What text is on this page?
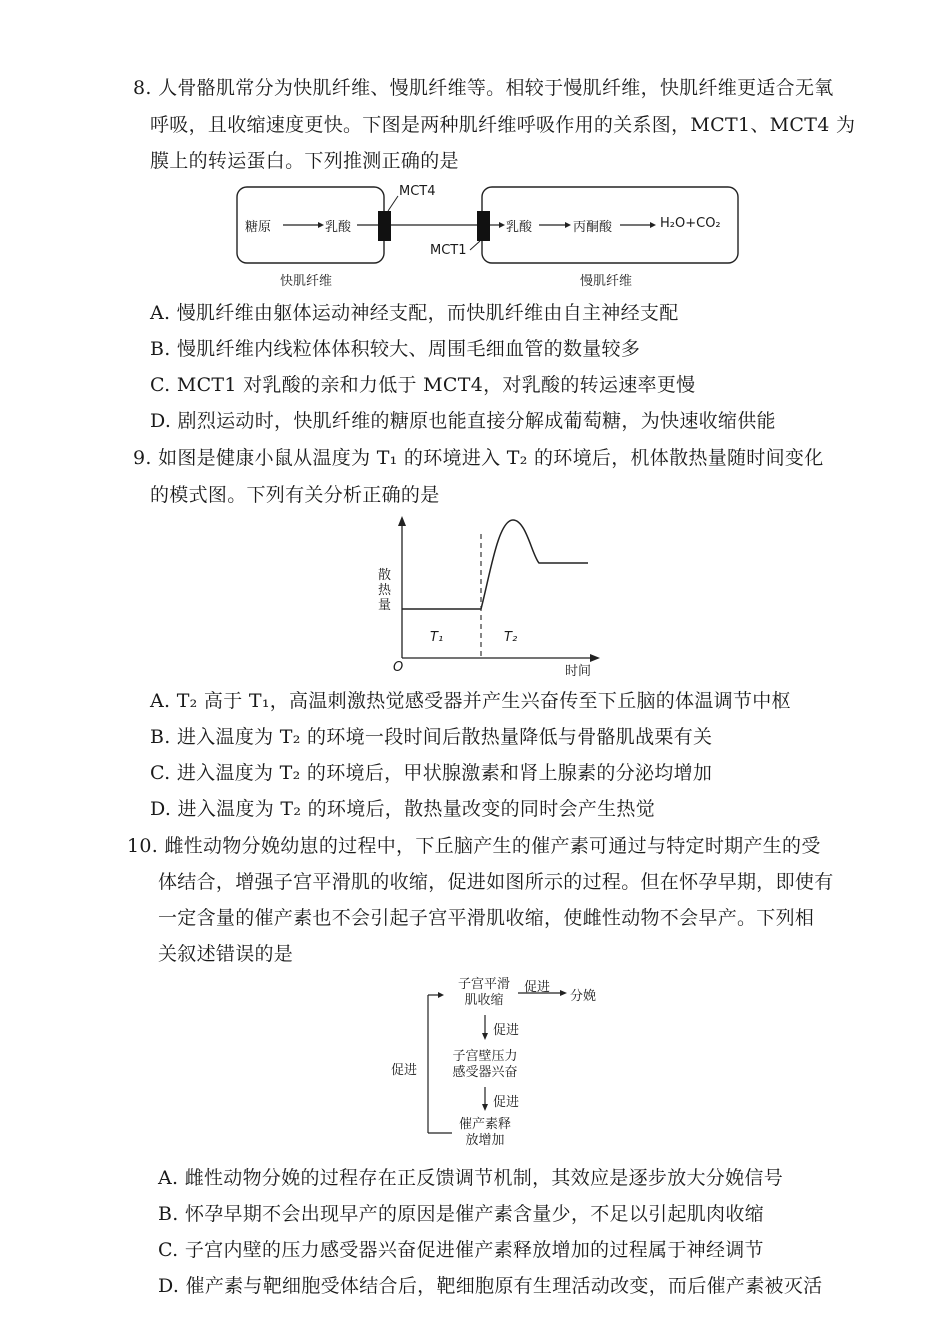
8. 人骨骼肌常分为快肌纤维、慢肌纤维等。相较于慢肌纤维，快肌纤维更适合无氧
呼吸，且收缩速度更快。下图是两种肌纤维呼吸作用的关系图，MCT1、MCT4 为
膜上的转运蛋白。下列推测正确的是
糖原	乳酸	乳酸	丙酮酸	H₂O+CO₂
MCT4
MCT1
快肌纤维	慢肌纤维
A. 慢肌纤维由躯体运动神经支配，而快肌纤维由自主神经支配
B. 慢肌纤维内线粒体体积较大、周围毛细血管的数量较多
C. MCT1 对乳酸的亲和力低于 MCT4，对乳酸的转运速率更慢
D. 剧烈运动时，快肌纤维的糖原也能直接分解成葡萄糖，为快速收缩供能
9. 如图是健康小鼠从温度为 T₁ 的环境进入 T₂ 的环境后，机体散热量随时间变化
的模式图。下列有关分析正确的是
散热量
时间
O
T₁	T₂
A. T₂ 高于 T₁，高温刺激热觉感受器并产生兴奋传至下丘脑的体温调节中枢
B. 进入温度为 T₂ 的环境一段时间后散热量降低与骨骼肌战栗有关
C. 进入温度为 T₂ 的环境后，甲状腺激素和肾上腺素的分泌均增加
D. 进入温度为 T₂ 的环境后，散热量改变的同时会产生热觉
10. 雌性动物分娩幼崽的过程中，下丘脑产生的催产素可通过与特定时期产生的受
体结合，增强子宫平滑肌的收缩，促进如图所示的过程。但在怀孕早期，即使有
一定含量的催产素也不会引起子宫平滑肌收缩，使雌性动物不会早产。下列相
关叙述错误的是
子宫平滑
肌收缩
促进
分娩
促进
子宫壁压力
感受器兴奋
促进
催产素释
放增加
促进
A. 雌性动物分娩的过程存在正反馈调节机制，其效应是逐步放大分娩信号
B. 怀孕早期不会出现早产的原因是催产素含量少，不足以引起肌肉收缩
C. 子宫内壁的压力感受器兴奋促进催产素释放增加的过程属于神经调节
D. 催产素与靶细胞受体结合后，靶细胞原有生理活动改变，而后催产素被灭活
